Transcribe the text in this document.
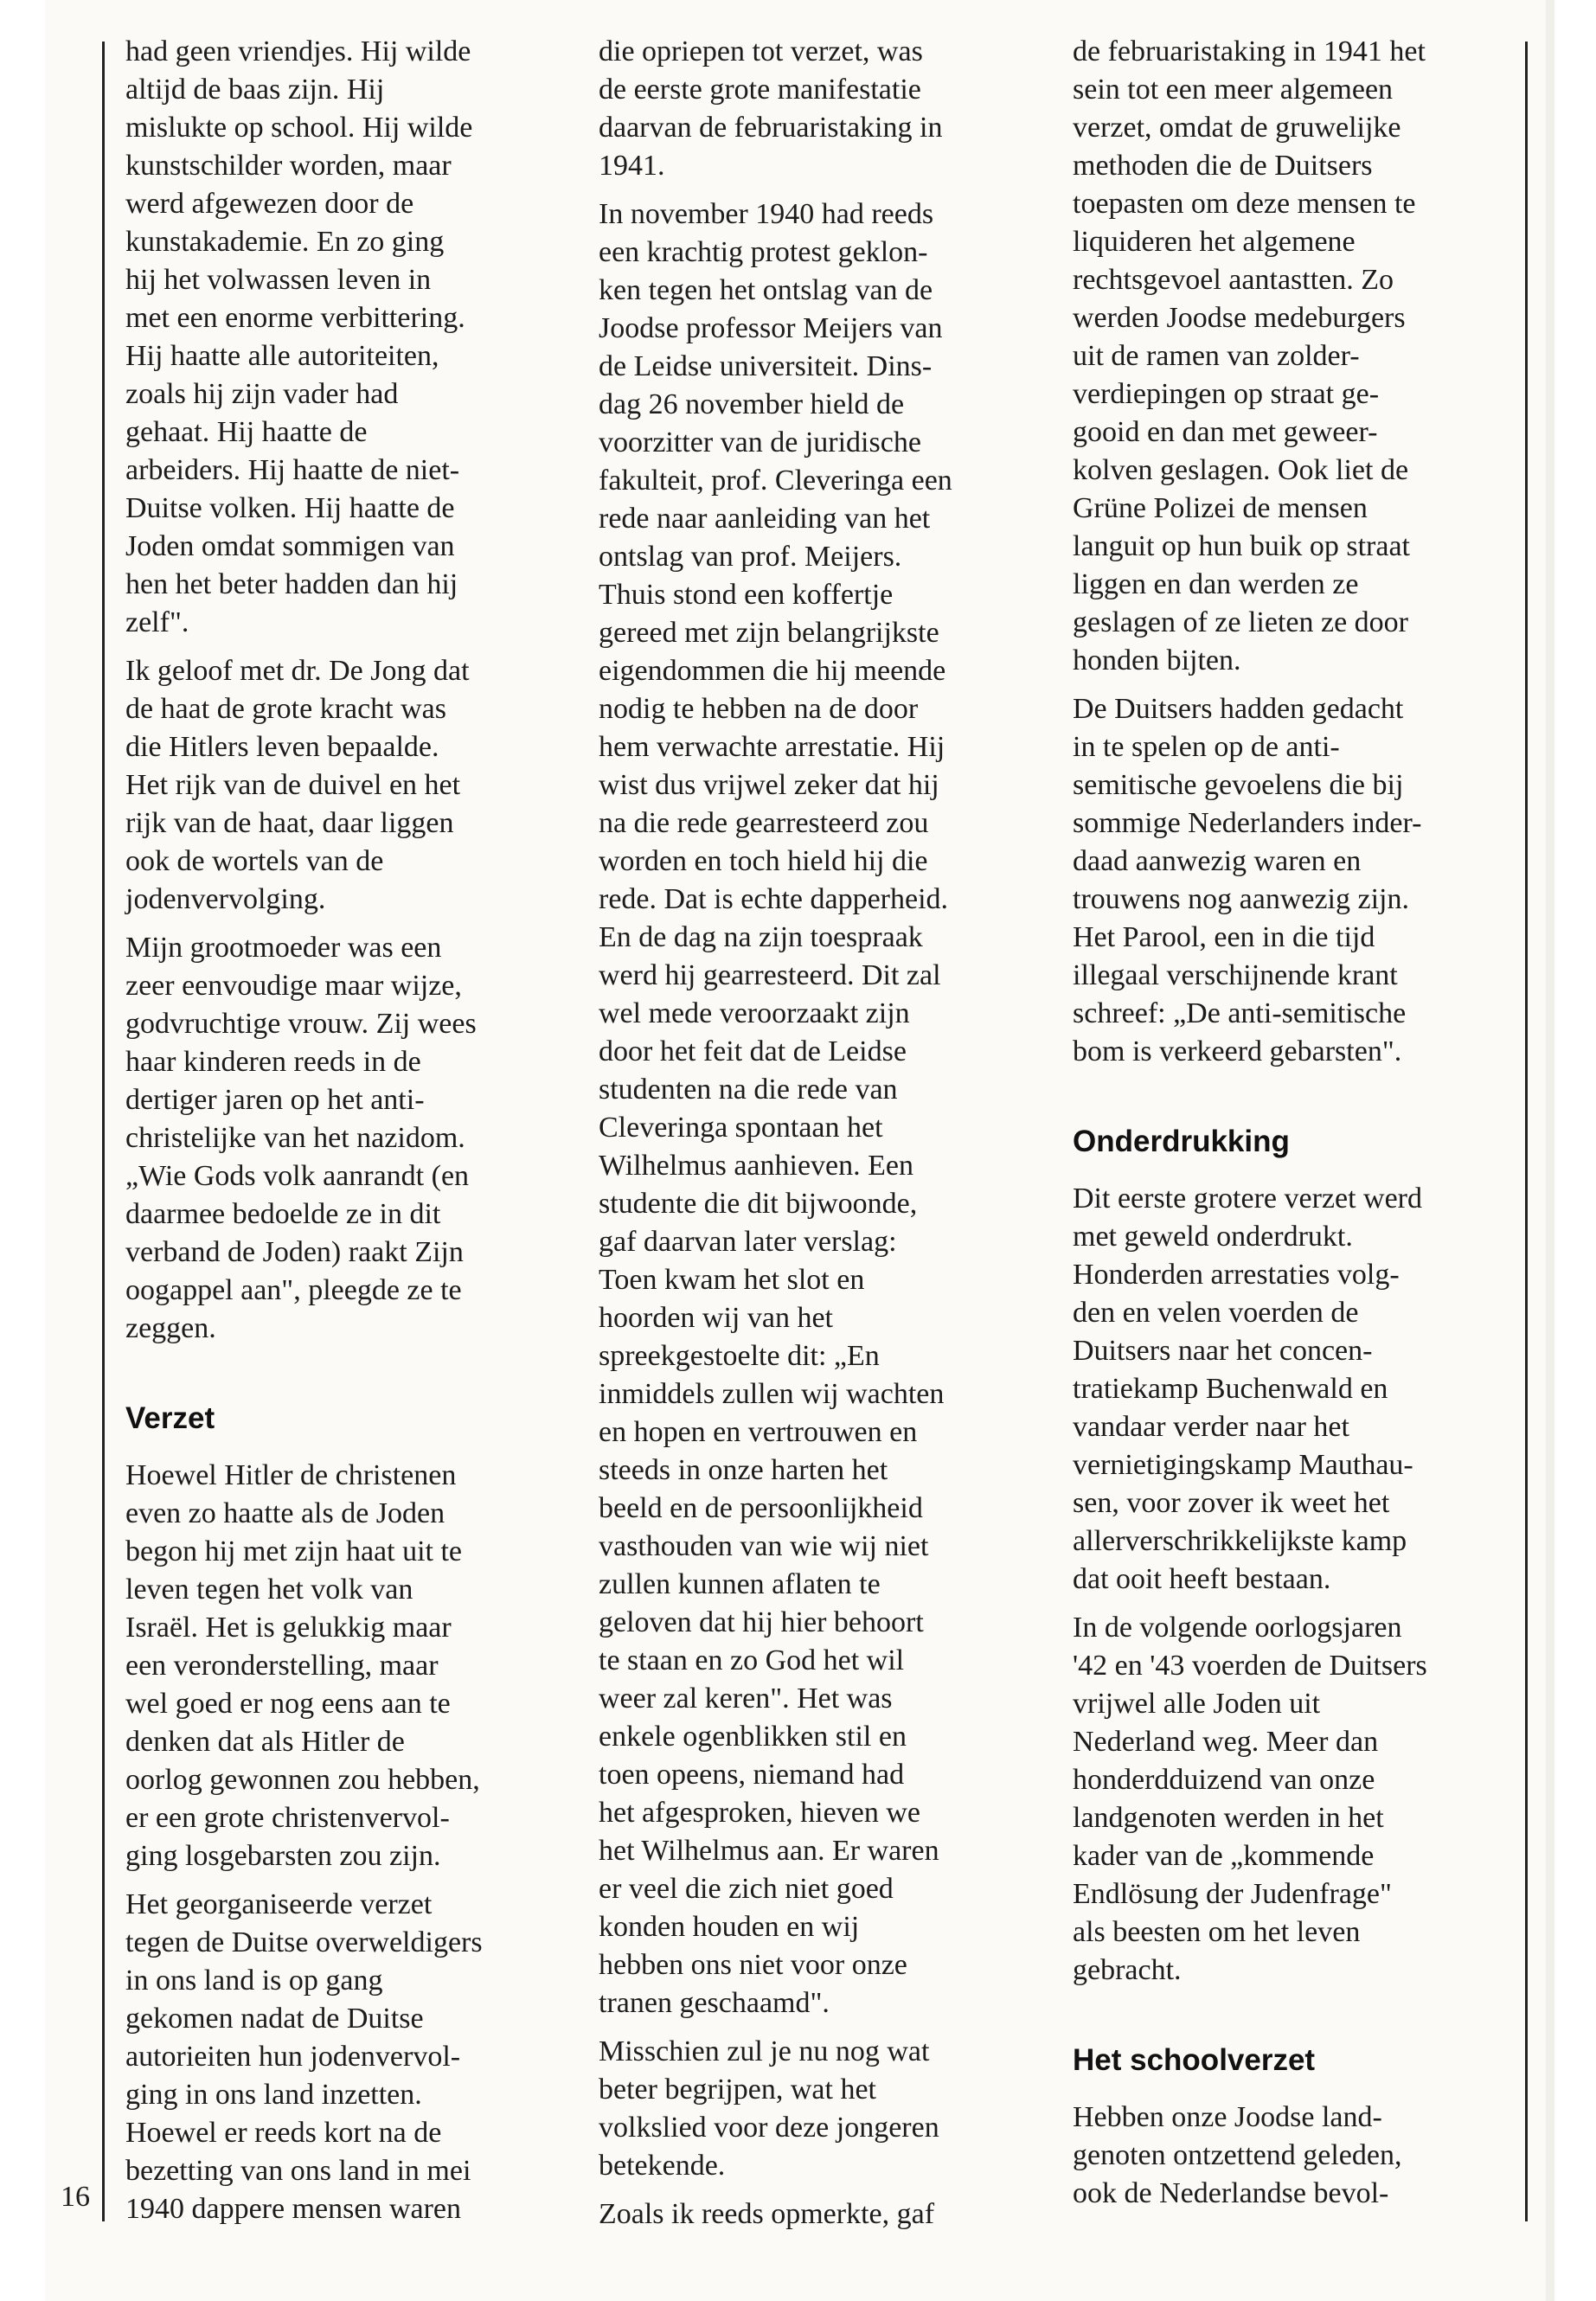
16

had geen vriendjes. Hij wilde
altijd de baas zijn. Hij
mislukte op school. Hij wilde
kunstschilder worden, maar
werd afgewezen door de
kunstakademie. En zo ging
hij het volwassen leven in
met een enorme verbittering.
Hij haatte alle autoriteiten,
zoals hij zijn vader had
gehaat. Hij haatte de
arbeiders. Hij haatte de niet-
Duitse volken. Hij haatte de
Joden omdat sommigen van
hen het beter hadden dan hij
zelf".

Ik geloof met dr. De Jong dat
de haat de grote kracht was
die Hitlers leven bepaalde.
Het rijk van de duivel en het
rijk van de haat, daar liggen
ook de wortels van de
jodenvervolging.

Mijn grootmoeder was een
zeer eenvoudige maar wijze,
godvruchtige vrouw. Zij wees
haar kinderen reeds in de
dertiger jaren op het anti-
christelijke van het nazidom.
„Wie Gods volk aanrandt (en
daarmee bedoelde ze in dit
verband de Joden) raakt Zijn
oogappel aan", pleegde ze te
zeggen.

Verzet

Hoewel Hitler de christenen
even zo haatte als de Joden
begon hij met zijn haat uit te
leven tegen het volk van
Israël. Het is gelukkig maar
een veronderstelling, maar
wel goed er nog eens aan te
denken dat als Hitler de
oorlog gewonnen zou hebben,
er een grote christenvervol-
ging losgebarsten zou zijn.

Het georganiseerde verzet
tegen de Duitse overweldigers
in ons land is op gang
gekomen nadat de Duitse
autorieiten hun jodenvervol-
ging in ons land inzetten.
Hoewel er reeds kort na de
bezetting van ons land in mei
1940 dappere mensen waren

die opriepen tot verzet, was
de eerste grote manifestatie
daarvan de februaristaking in
1941.

In november 1940 had reeds
een krachtig protest geklon-
ken tegen het ontslag van de
Joodse professor Meijers van
de Leidse universiteit. Dins-
dag 26 november hield de
voorzitter van de juridische
fakulteit, prof. Cleveringa een
rede naar aanleiding van het
ontslag van prof. Meijers.
Thuis stond een koffertje
gereed met zijn belangrijkste
eigendommen die hij meende
nodig te hebben na de door
hem verwachte arrestatie. Hij
wist dus vrijwel zeker dat hij
na die rede gearresteerd zou
worden en toch hield hij die
rede. Dat is echte dapperheid.
En de dag na zijn toespraak
werd hij gearresteerd. Dit zal
wel mede veroorzaakt zijn
door het feit dat de Leidse
studenten na die rede van
Cleveringa spontaan het
Wilhelmus aanhieven. Een
studente die dit bijwoonde,
gaf daarvan later verslag:
Toen kwam het slot en
hoorden wij van het
spreekgestoelte dit: „En
inmiddels zullen wij wachten
en hopen en vertrouwen en
steeds in onze harten het
beeld en de persoonlijkheid
vasthouden van wie wij niet
zullen kunnen aflaten te
geloven dat hij hier behoort
te staan en zo God het wil
weer zal keren". Het was
enkele ogenblikken stil en
toen opeens, niemand had
het afgesproken, hieven we
het Wilhelmus aan. Er waren
er veel die zich niet goed
konden houden en wij
hebben ons niet voor onze
tranen geschaamd".

Misschien zul je nu nog wat
beter begrijpen, wat het
volkslied voor deze jongeren
betekende.

Zoals ik reeds opmerkte, gaf

de februaristaking in 1941 het
sein tot een meer algemeen
verzet, omdat de gruwelijke
methoden die de Duitsers
toepasten om deze mensen te
liquideren het algemene
rechtsgevoel aantastten. Zo
werden Joodse medeburgers
uit de ramen van zolder-
verdiepingen op straat ge-
gooid en dan met geweer-
kolven geslagen. Ook liet de
Grüne Polizei de mensen
languit op hun buik op straat
liggen en dan werden ze
geslagen of ze lieten ze door
honden bijten.

De Duitsers hadden gedacht
in te spelen op de anti-
semitische gevoelens die bij
sommige Nederlanders inder-
daad aanwezig waren en
trouwens nog aanwezig zijn.
Het Parool, een in die tijd
illegaal verschijnende krant
schreef: „De anti-semitische
bom is verkeerd gebarsten".

Onderdrukking

Dit eerste grotere verzet werd
met geweld onderdrukt.
Honderden arrestaties volg-
den en velen voerden de
Duitsers naar het concen-
tratiekamp Buchenwald en
vandaar verder naar het
vernietigingskamp Mauthau-
sen, voor zover ik weet het
allerverschrikkelijkste kamp
dat ooit heeft bestaan.

In de volgende oorlogsjaren
'42 en '43 voerden de Duitsers
vrijwel alle Joden uit
Nederland weg. Meer dan
honderdduizend van onze
landgenoten werden in het
kader van de „kommende
Endlösung der Judenfrage"
als beesten om het leven
gebracht.

Het schoolverzet

Hebben onze Joodse land-
genoten ontzettend geleden,
ook de Nederlandse bevol-
